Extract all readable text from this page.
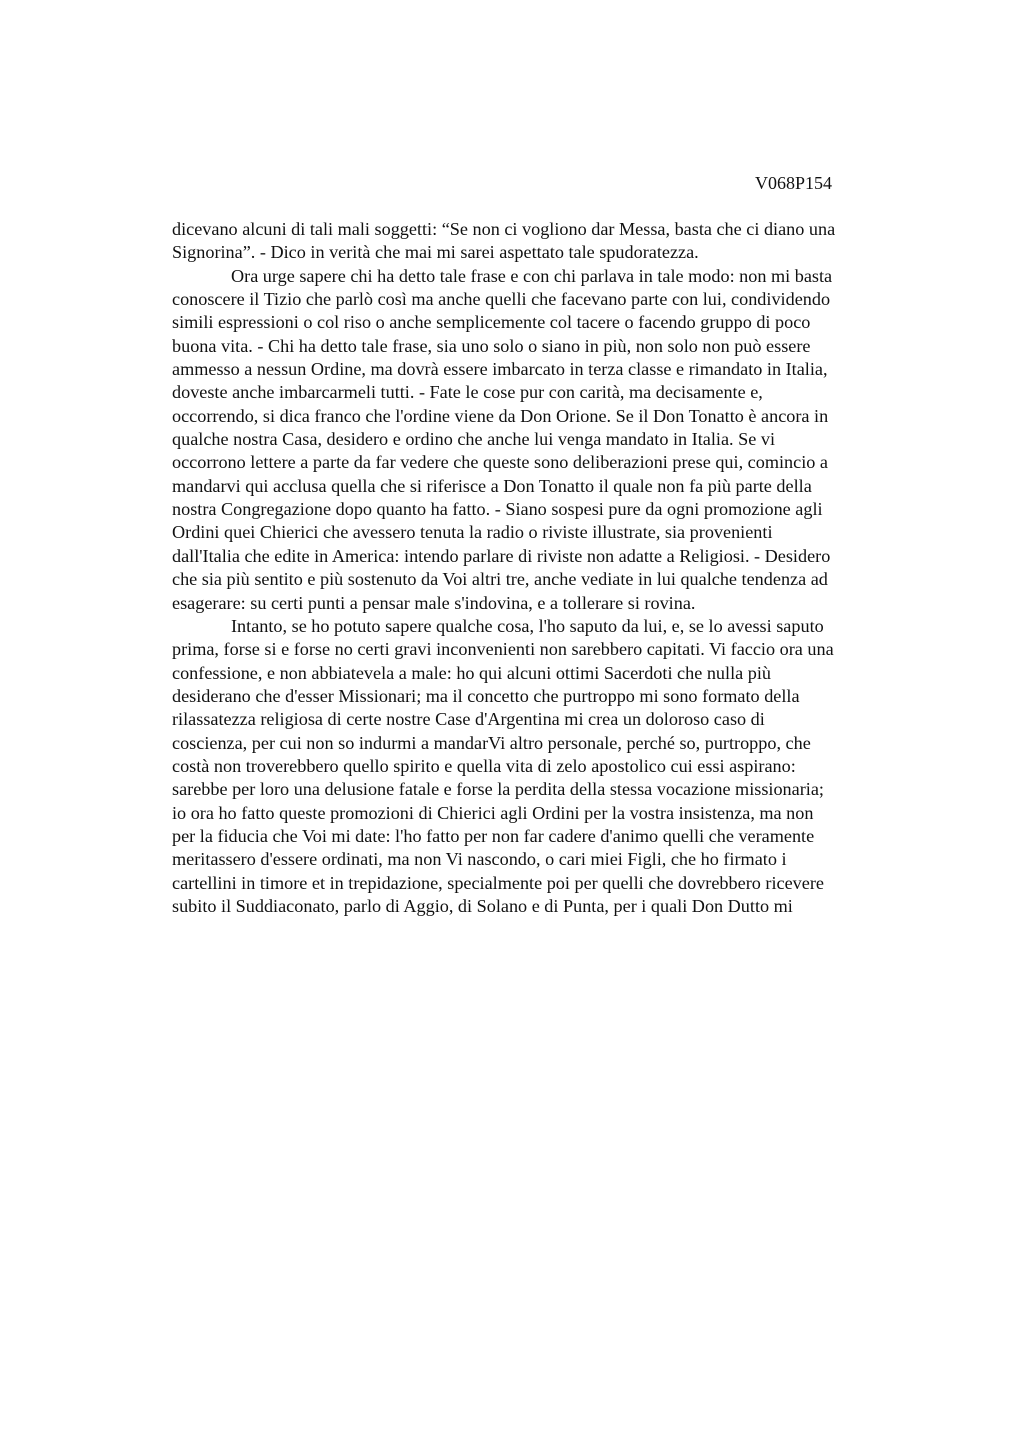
V068P154
dicevano alcuni di tali mali soggetti: “Se non ci vogliono dar Messa, basta che ci diano una
Signorina”. - Dico in verità che mai mi sarei aspettato tale spudoratezza.
Ora urge sapere chi ha detto tale frase e con chi parlava in tale modo: non mi basta
conoscere il Tizio che parlò così ma anche quelli che facevano parte con lui, condividendo
simili espressioni o col riso o anche semplicemente col tacere o facendo gruppo di poco
buona vita. - Chi ha detto tale frase, sia uno solo o siano in più, non solo non può essere
ammesso a nessun Ordine, ma dovrà essere imbarcato in terza classe e rimandato in Italia,
doveste anche imbarcarmeli tutti. - Fate le cose pur con carità, ma decisamente e,
occorrendo, si dica franco che l'ordine viene da Don Orione. Se il Don Tonatto è ancora in
qualche nostra Casa, desidero e ordino che anche lui venga mandato in Italia. Se vi
occorrono lettere a parte da far vedere che queste sono deliberazioni prese qui, comincio a
mandarvi qui acclusa quella che si riferisce a Don Tonatto il quale non fa più parte della
nostra Congregazione dopo quanto ha fatto. - Siano sospesi pure da ogni promozione agli
Ordini quei Chierici che avessero tenuta la radio o riviste illustrate, sia provenienti
dall'Italia che edite in America: intendo parlare di riviste non adatte a Religiosi. - Desidero
che sia più sentito e più sostenuto da Voi altri tre, anche vediate in lui qualche tendenza ad
esagerare: su certi punti a pensar male s'indovina, e a tollerare si rovina.
Intanto, se ho potuto sapere qualche cosa, l'ho saputo da lui, e, se lo avessi saputo
prima, forse si e forse no certi gravi inconvenienti non sarebbero capitati. Vi faccio ora una
confessione, e non abbiatevela a male: ho qui alcuni ottimi Sacerdoti che nulla più
desiderano che d'esser Missionari; ma il concetto che purtroppo mi sono formato della
rilassatezza religiosa di certe nostre Case d'Argentina mi crea un doloroso caso di
coscienza, per cui non so indurmi a mandarVi altro personale, perché so, purtroppo, che
costà non troverebbero quello spirito e quella vita di zelo apostolico cui essi aspirano:
sarebbe per loro una delusione fatale e forse la perdita della stessa vocazione missionaria;
io ora ho fatto queste promozioni di Chierici agli Ordini per la vostra insistenza, ma non
per la fiducia che Voi mi date: l'ho fatto per non far cadere d'animo quelli che veramente
meritassero d'essere ordinati, ma non Vi nascondo, o cari miei Figli, che ho firmato i
cartellini in timore et in trepidazione, specialmente poi per quelli che dovrebbero ricevere
subito il Suddiaconato, parlo di Aggio, di Solano e di Punta, per i quali Don Dutto mi
